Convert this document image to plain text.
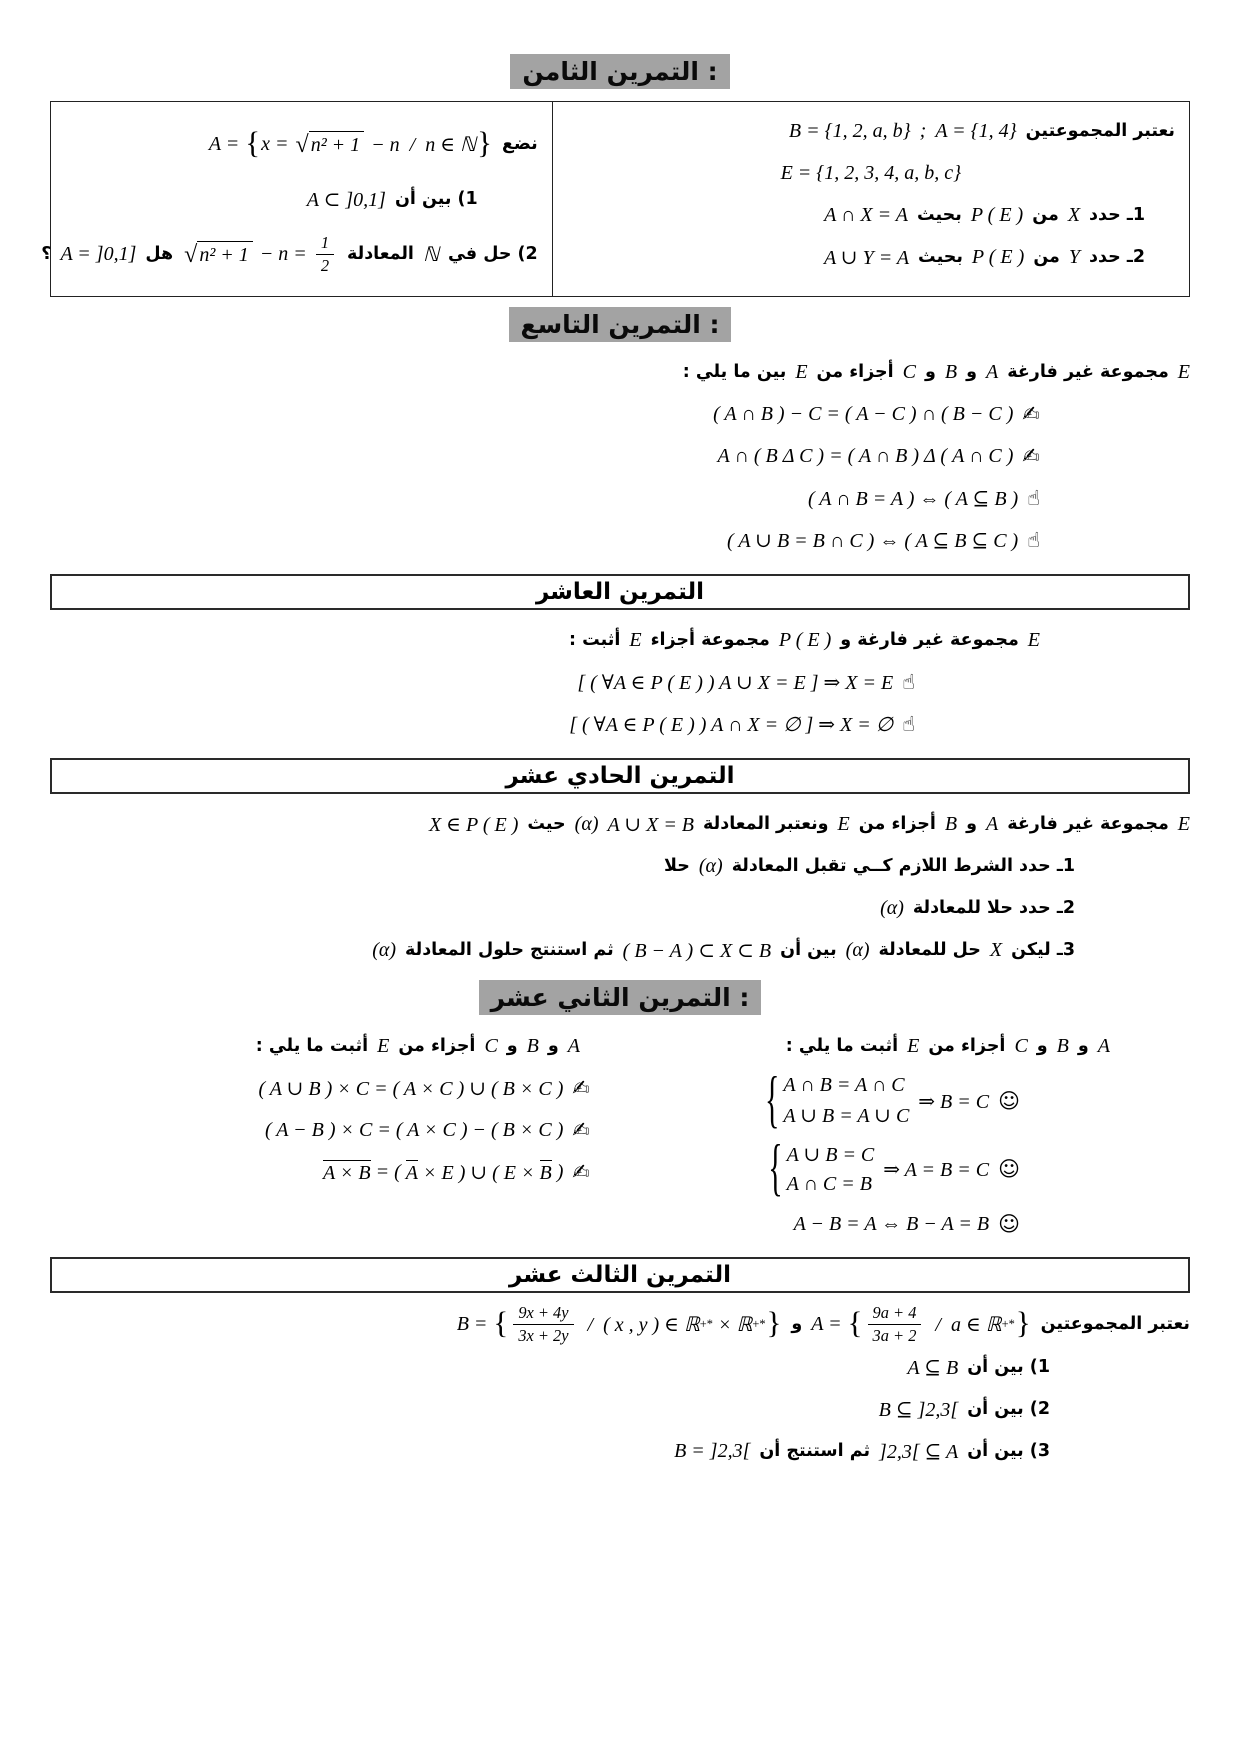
التمرين الثامن :
نعتبر المجموعتين
A = {1, 4}
;
B = {1, 2, a, b}
E = {1, 2, 3, 4, a, b, c}
1ـ حدد
X
من
P ( E )
بحيث
A ∩ X = A
2ـ حدد
Y
من
P ( E )
بحيث
A ∪ Y = A
نضع
A = { x = √ n² + 1 − n  /  n ∈ ℕ }
1) بين أن
A ⊂ ]0,1]
2) حل في
ℕ
المعادلة
√ $n^2 + 1 - n = \frac{1}{2}$
هل
A = ]0,1]
؟
التمرين التاسع :
E
مجموعة غير فارغة
A
و
B
و
C
أجزاء من
E
بين ما يلي :
( A ∩ B ) − C = ( A − C ) ∩ ( B − C ) ✍
A ∩ ( B Δ C ) = ( A ∩ B ) Δ ( A ∩ C ) ✍
( A ∩ B = A ) ⇔ ( A ⊆ B ) ☝
( A ∪ B = B ∩ C ) ⇔ ( A ⊆ B ⊆ C ) ☝
التمرين العاشر
E
مجموعة غير فارغة و
P ( E )
مجموعة أجزاء
E
أثبت :
[ ( ∀A ∈ P ( E ) ) A ∪ X = E ] ⇒ X = E ☝
[ ( ∀A ∈ P ( E ) ) A ∩ X = ∅ ] ⇒ X = ∅ ☝
التمرين الحادي عشر
E
مجموعة غير فارغة
A
و
B
أجزاء من
E
ونعتبر المعادلة
A ∪ X = B
(α)
حيث
X ∈ P ( E )
1ـ حدد الشرط اللازم كــي تقبل المعادلة
(α)
حلا
2ـ حدد حلا للمعادلة
(α)
3ـ ليكن
X
حل للمعادلة
(α)
بين أن
( B − A ) ⊂ X ⊂ B
ثم استنتج حلول المعادلة
(α)
التمرين الثاني عشر :
A
و
B
و
C
أجزاء من
E
أثبت ما يلي :
{ A ∩ B = A ∩ C
A ∪ B = A ∪ C
⇒ B = C ☺
{ A ∪ B = C
A ∩ C = B
⇒ A = B = C ☺
A − B = A ⇔ B − A = B ☺
A
و
B
و
C
أجزاء من
E
أثبت ما يلي :
( A ∪ B ) × C = ( A × C ) ∪ ( B × C ) ✍
( A − B ) × C = ( A × C ) − ( B × C ) ✍
A × B = ( A × E ) ∪ ( E × B ) ✍
التمرين الثالث عشر
نعتبر المجموعتين
A = { $\frac{9a + 4}{3a + 2}$ /  a ∈ ℝ +* }
و
B = { $\frac{9x + 4y}{3x + 2y}$ /  ( x , y ) ∈ ℝ +* × ℝ +* }
1) بين أن
A ⊆ B
2) بين أن
B ⊆ ]2,3[
3) بين أن
]2,3[ ⊆ A
ثم استنتج أن
B = ]2,3[
